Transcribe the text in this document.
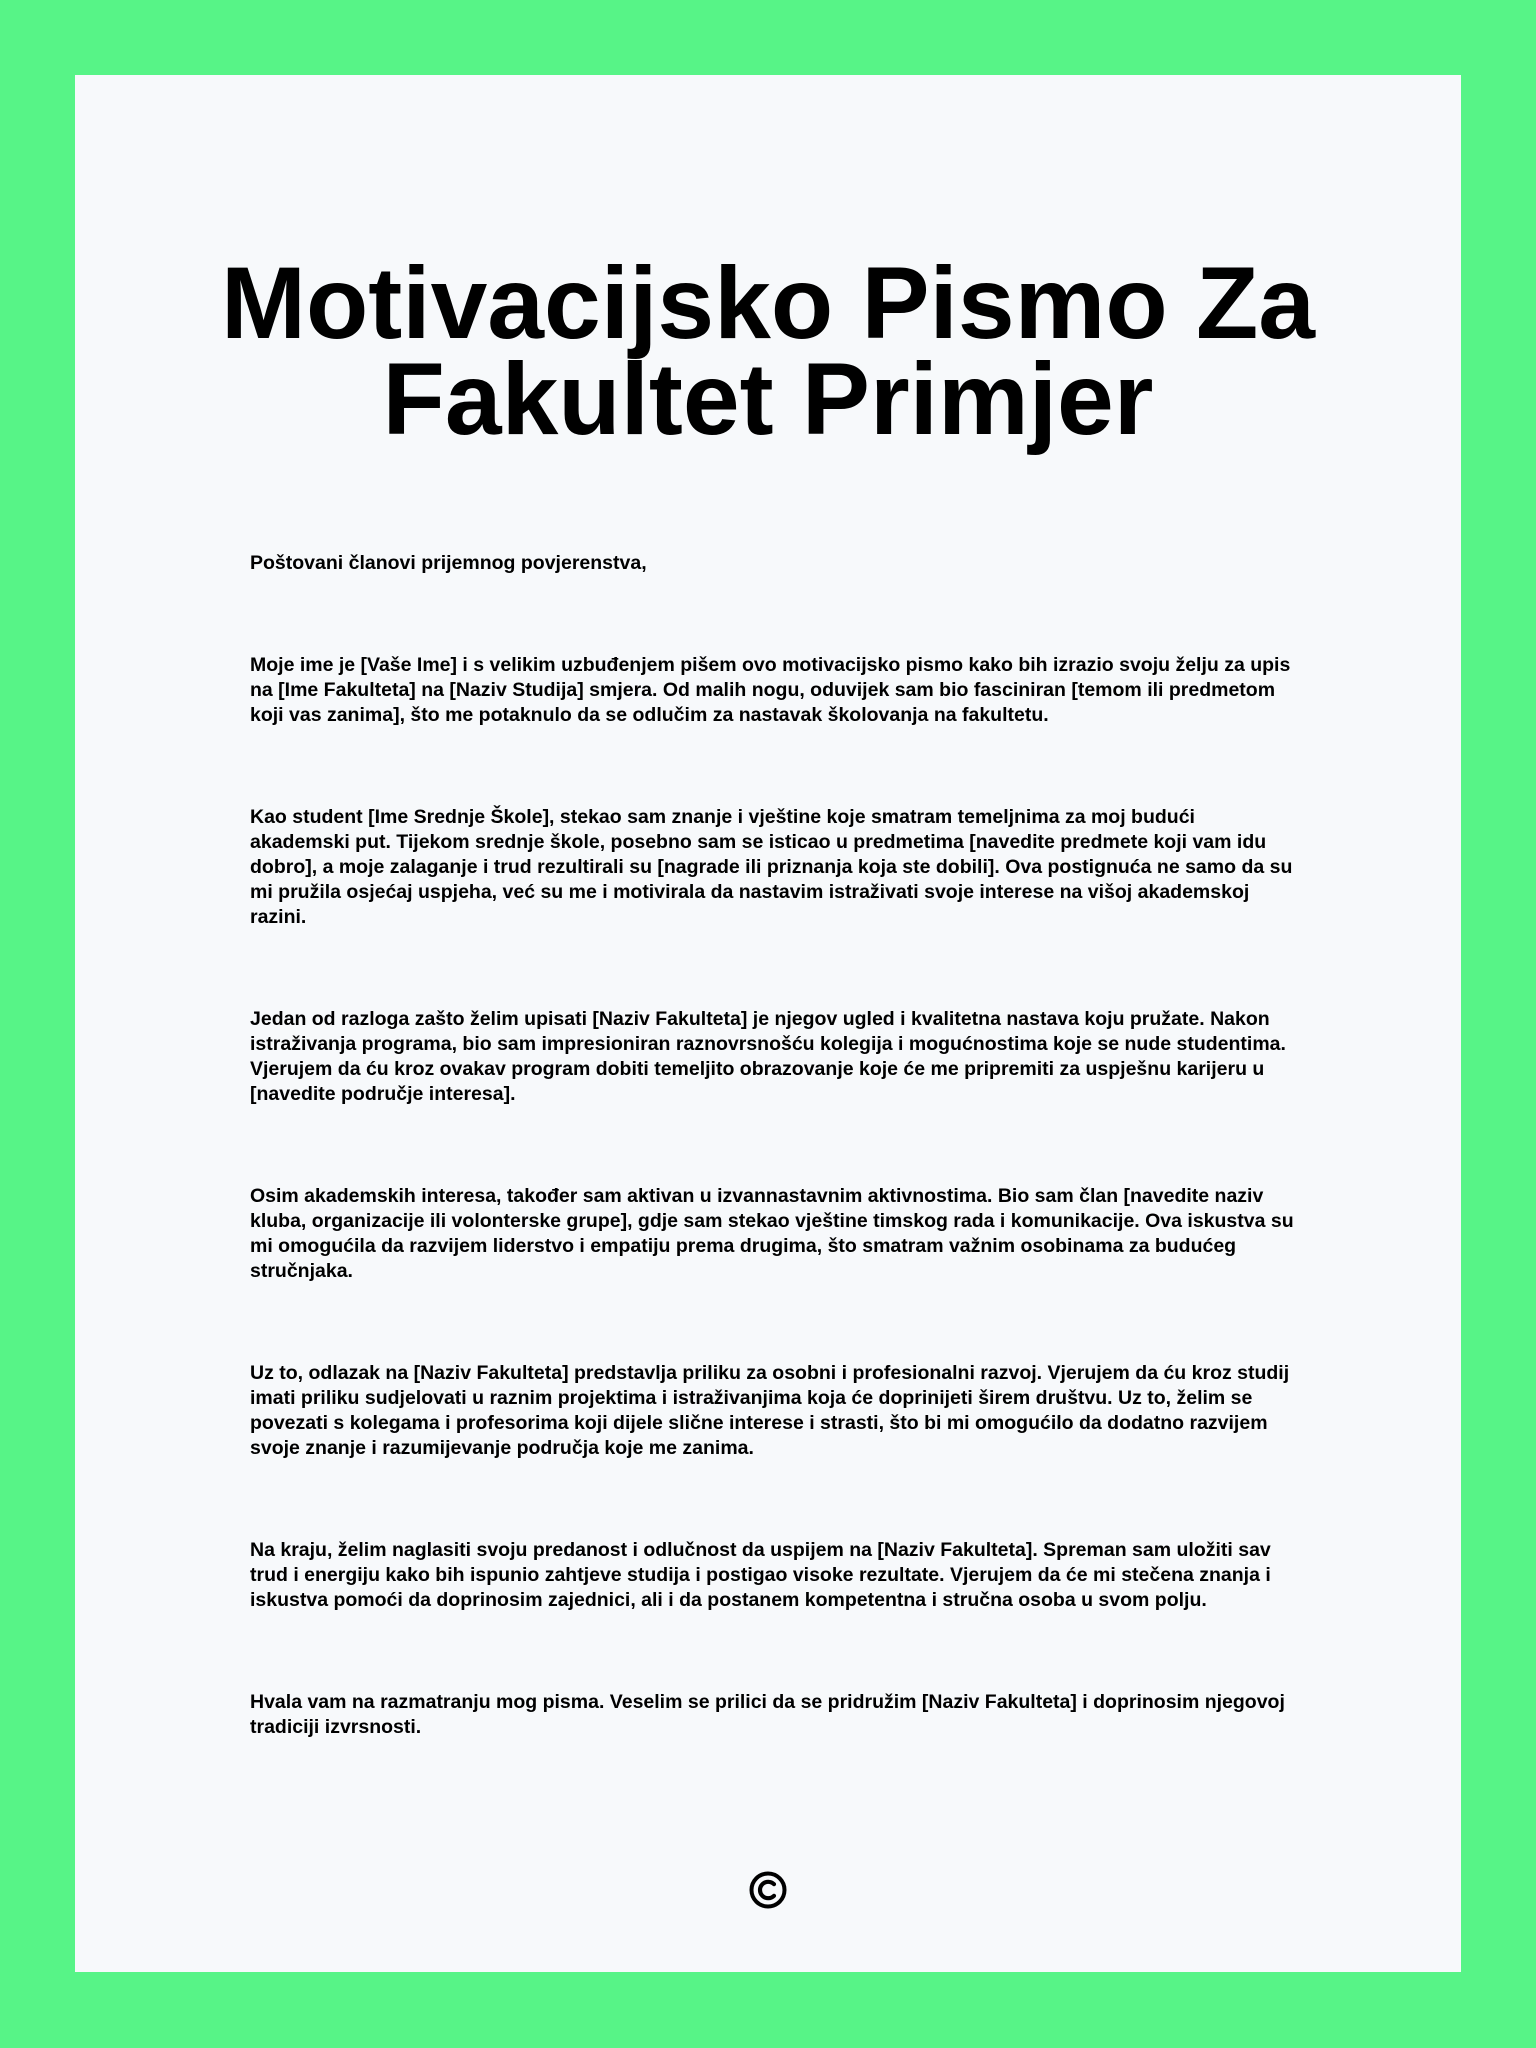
Motivacijsko Pismo Za Fakultet Primjer

Poštovani članovi prijemnog povjerenstva,

Moje ime je [Vaše Ime] i s velikim uzbuđenjem pišem ovo motivacijsko pismo kako bih izrazio svoju želju za upis na [Ime Fakulteta] na [Naziv Studija] smjera. Od malih nogu, oduvijek sam bio fasciniran [temom ili predmetom koji vas zanima], što me potaknulo da se odlučim za nastavak školovanja na fakultetu.

Kao student [Ime Srednje Škole], stekao sam znanje i vještine koje smatram temeljnima za moj budući akademski put. Tijekom srednje škole, posebno sam se isticao u predmetima [navedite predmete koji vam idu dobro], a moje zalaganje i trud rezultirali su [nagrade ili priznanja koja ste dobili]. Ova postignuća ne samo da su mi pružila osjećaj uspjeha, već su me i motivirala da nastavim istraživati svoje interese na višoj akademskoj razini.

Jedan od razloga zašto želim upisati [Naziv Fakulteta] je njegov ugled i kvalitetna nastava koju pružate. Nakon istraživanja programa, bio sam impresioniran raznovrsnošću kolegija i mogućnostima koje se nude studentima. Vjerujem da ću kroz ovakav program dobiti temeljito obrazovanje koje će me pripremiti za uspješnu karijeru u [navedite područje interesa].

Osim akademskih interesa, također sam aktivan u izvannastavnim aktivnostima. Bio sam član [navedite naziv kluba, organizacije ili volonterske grupe], gdje sam stekao vještine timskog rada i komunikacije. Ova iskustva su mi omogućila da razvijem liderstvo i empatiju prema drugima, što smatram važnim osobinama za budućeg stručnjaka.

Uz to, odlazak na [Naziv Fakulteta] predstavlja priliku za osobni i profesionalni razvoj. Vjerujem da ću kroz studij imati priliku sudjelovati u raznim projektima i istraživanjima koja će doprinijeti širem društvu. Uz to, želim se povezati s kolegama i profesorima koji dijele slične interese i strasti, što bi mi omogućilo da dodatno razvijem svoje znanje i razumijevanje područja koje me zanima.

Na kraju, želim naglasiti svoju predanost i odlučnost da uspijem na [Naziv Fakulteta]. Spreman sam uložiti sav trud i energiju kako bih ispunio zahtjeve studija i postigao visoke rezultate. Vjerujem da će mi stečena znanja i iskustva pomoći da doprinosim zajednici, ali i da postanem kompetentna i stručna osoba u svom polju.

Hvala vam na razmatranju mog pisma. Veselim se prilici da se pridružim [Naziv Fakulteta] i doprinosim njegovoj tradiciji izvrsnosti.
